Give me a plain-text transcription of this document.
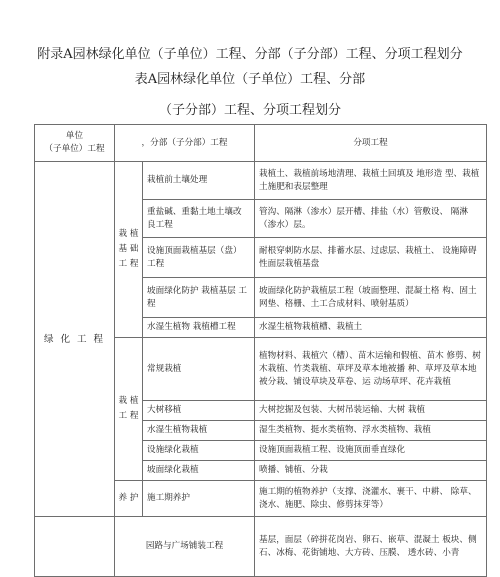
附录A园林绿化单位（子单位）工程、分部（子分部）工程、分项工程划分
表A园林绿化单位（子单位）工程、分部
（子分部）工程、分项工程划分
单位
（子单位）工程	，分部（子分部）工程		分项工程
绿 化 工 程	栽 植 基 础 工 程	栽植前土壤处理	栽植土、栽植前场地清理、栽植土回填及 地形造 型、栽植土施肥和表层整理
		重盐碱、重黏土地土壤改良工程	管沟、隔淋（渗水）层开槽、排盐（水）管敷设、 隔淋（渗水）层。
		设施顶面栽植基层（盘）工程	耐根穿刺防水层、排蓄水层、过虑层、栽植土、 设施障碍性面层栽植基盘
		坡面绿化防护 栽植基层 工程	坡面绿化防护栽植层工程（坡面整理、混凝土格 构、固土网垫、格栅、土工合成材料、喷射基质）
		水湿生植物 栽植槽工程	水湿生植物栽植槽、栽植土
	栽 植 工 程	常规栽植	植物材料、栽植穴（槽）、苗木运输和假植、苗木 修剪、树木栽植、竹类栽植、草坪及草本地被播 种、草坪及草本地被分栽、铺设草块及草卷、运 动场草坪、花卉栽植
		大树移植	大树挖掘及包装、大树吊装运输、大树 栽植
		水湿生植物栽植	湿生类植物、挺水类植物、浮水类植物、栽植
		设施绿化栽植	设施顶面栽植工程、设施顶面垂直绿化
		坡面绿化栽植	喷播、铺植、分栽
	养 护	施工期养护	施工期的植物养护（支撑、浇灌水、裹干、中耕、 除草、浇水、施肥、除虫、修剪抹芽等）
	园路与广场铺装工程		基层，面层（碎拼花岗岩、卵石、嵌草、混凝土 板块、侧石、冰梅、花街铺地、大方砖、压膜、 透水砖、小青
